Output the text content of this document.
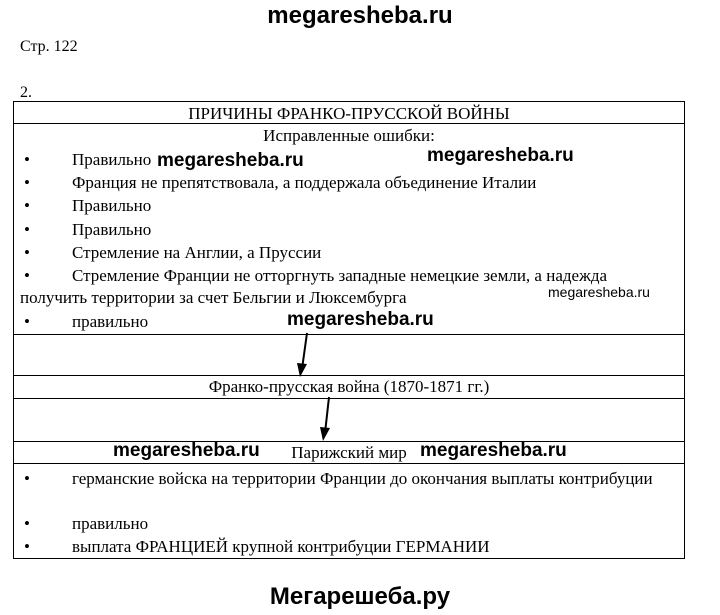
megaresheba.ru
Стр. 122
2.
ПРИЧИНЫ ФРАНКО-ПРУССКОЙ ВОЙНЫ
Исправленные ошибки:
• Правильно
• Франция не препятствовала, а поддержала объединение Италии
• Правильно
• Правильно
• Стремление на Англии, а Пруссии
• Стремление Франции не отторгнуть западные немецкие земли, а надежда получить территории за счет Бельгии и Люксембурга
• правильно
Франко-прусская война (1870-1871 гг.)
Парижский мир
• германские войска на территории Франции до окончания выплаты контрибуции
• правильно
• выплата ФРАНЦИЕЙ крупной контрибуции ГЕРМАНИИ
megaresheba.ru	megaresheba.ru
megaresheba.ru
megaresheba.ru
megaresheba.ru	megaresheba.ru
Мегарешеба.ру
